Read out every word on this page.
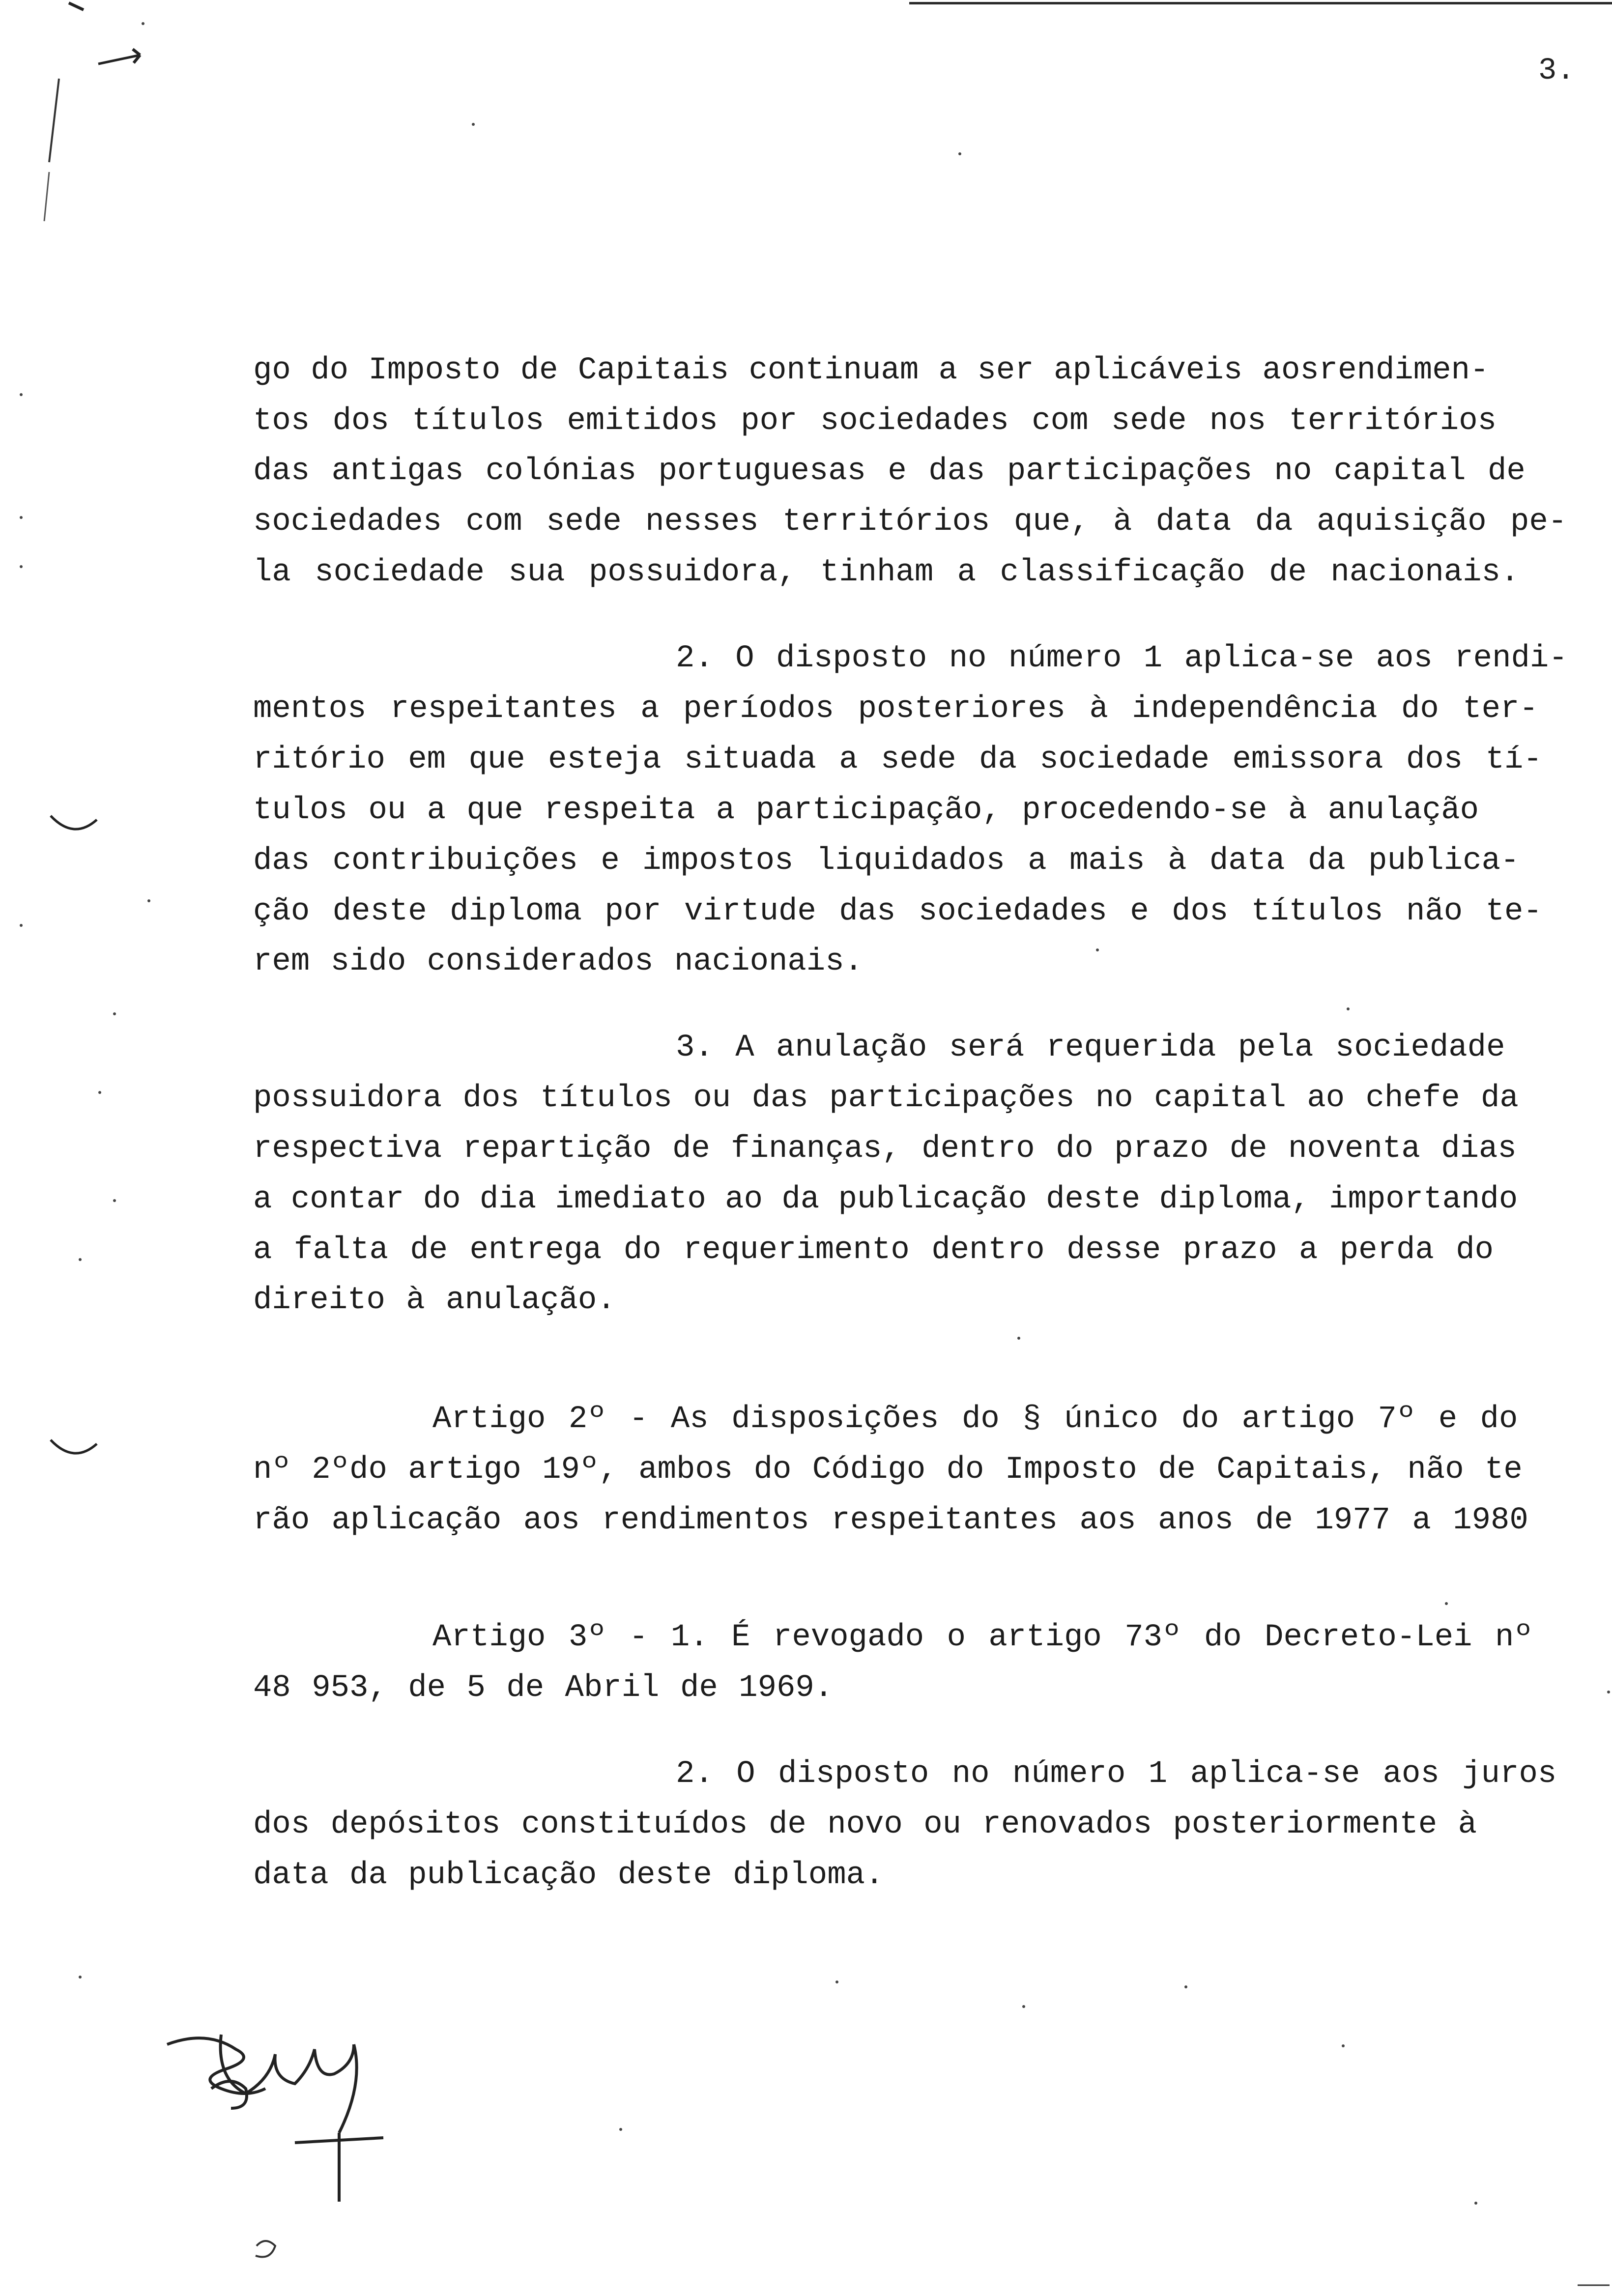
3.
go do Imposto de Capitais continuam a ser aplicáveis aosrendimen-
tos dos títulos emitidos por sociedades com sede nos territórios
das antigas colónias portuguesas e das participações no capital de
sociedades com sede nesses territórios que, à data da aquisição pe-
la sociedade sua possuidora, tinham a classificação de nacionais.
2. O disposto no número 1 aplica-se aos rendi-
mentos respeitantes a períodos posteriores à independência do ter-
ritório em que esteja situada a sede da sociedade emissora dos tí-
tulos ou a que respeita a participação, procedendo-se à anulação
das contribuições e impostos liquidados a mais à data da publica-
ção deste diploma por virtude das sociedades e dos títulos não te-
rem sido considerados nacionais.
3. A anulação será requerida pela sociedade
possuidora dos títulos ou das participações no capital ao chefe da
respectiva repartição de finanças, dentro do prazo de noventa dias
a contar do dia imediato ao da publicação deste diploma, importando
a falta de entrega do requerimento dentro desse prazo a perda do
direito à anulação.
Artigo 2º - As disposições do § único do artigo 7º e do
nº 2ºdo artigo 19º, ambos do Código do Imposto de Capitais, não te
rão aplicação aos rendimentos respeitantes aos anos de 1977 a 1980
Artigo 3º - 1. É revogado o artigo 73º do Decreto-Lei nº
48 953, de 5 de Abril de 1969.
2. O disposto no número 1 aplica-se aos juros
dos depósitos constituídos de novo ou renovados posteriormente à
data da publicação deste diploma.
